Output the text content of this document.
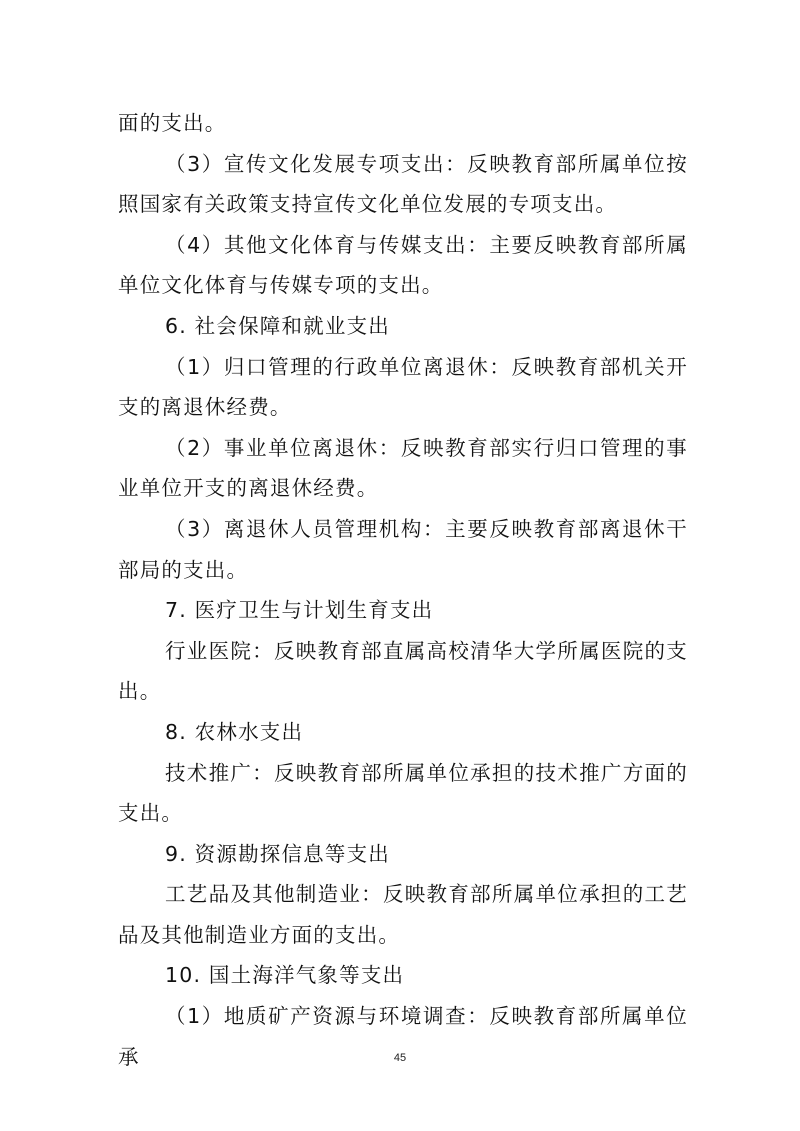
面的支出。

（3）宣传文化发展专项支出：反映教育部所属单位按照国家有关政策支持宣传文化单位发展的专项支出。

（4）其他文化体育与传媒支出：主要反映教育部所属单位文化体育与传媒专项的支出。

6. 社会保障和就业支出

（1）归口管理的行政单位离退休：反映教育部机关开支的离退休经费。

（2）事业单位离退休：反映教育部实行归口管理的事业单位开支的离退休经费。

（3）离退休人员管理机构：主要反映教育部离退休干部局的支出。

7. 医疗卫生与计划生育支出

行业医院：反映教育部直属高校清华大学所属医院的支出。

8. 农林水支出

技术推广：反映教育部所属单位承担的技术推广方面的支出。

9. 资源勘探信息等支出

工艺品及其他制造业：反映教育部所属单位承担的工艺品及其他制造业方面的支出。

10. 国土海洋气象等支出

（1）地质矿产资源与环境调查：反映教育部所属单位承	45
